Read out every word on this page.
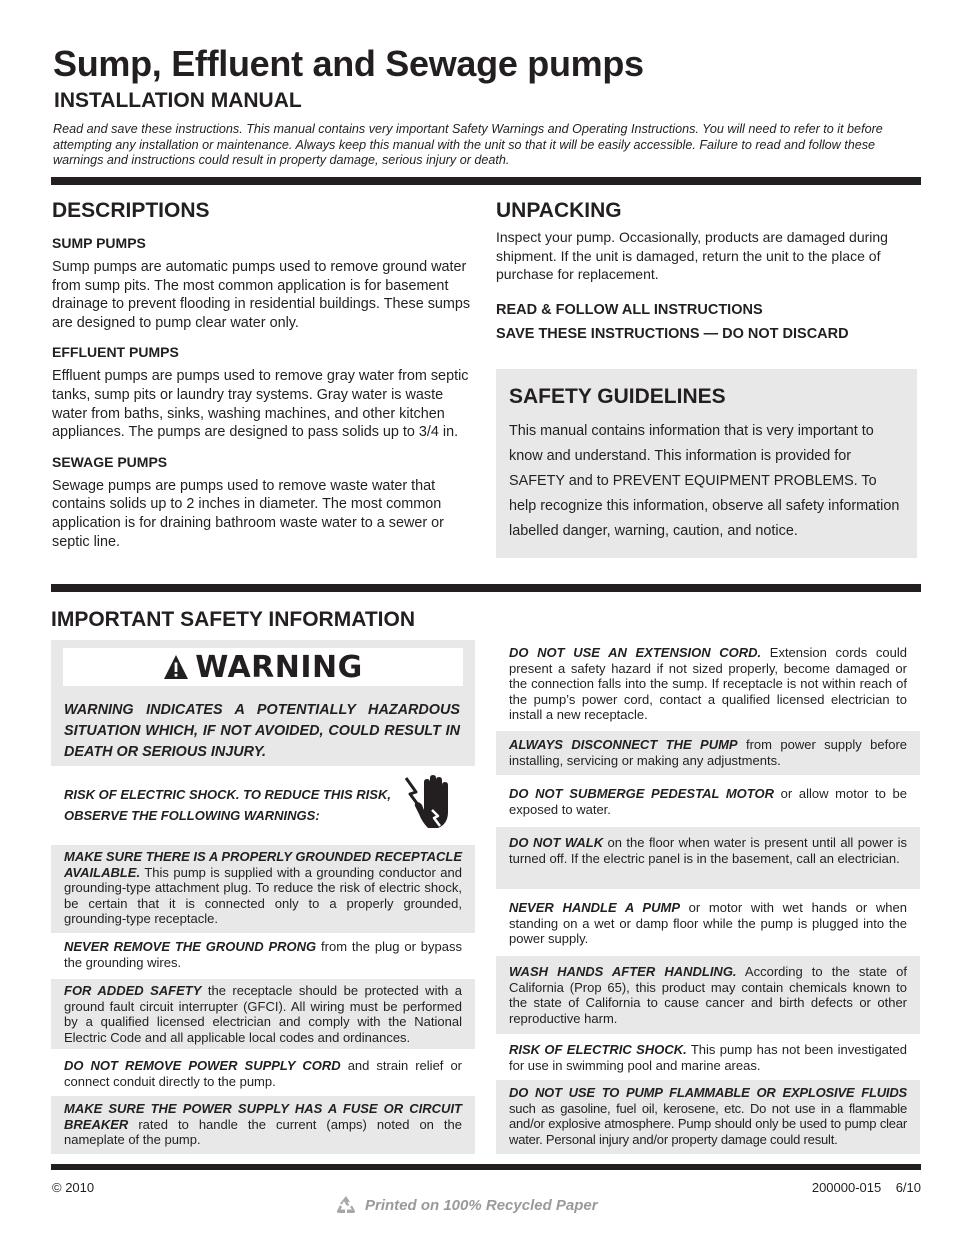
Sump, Effluent and Sewage pumps
INSTALLATION MANUAL
Read and save these instructions. This manual contains very important Safety Warnings and Operating Instructions. You will need to refer to it before attempting any installation or maintenance. Always keep this manual with the unit so that it will be easily accessible. Failure to read and follow these warnings and instructions could result in property damage, serious injury or death.
DESCRIPTIONS
SUMP PUMPS
Sump pumps are automatic pumps used to remove ground water from sump pits. The most common application is for basement drainage to prevent flooding in residential buildings. These sumps are designed to pump clear water only.
EFFLUENT PUMPS
Effluent pumps are pumps used to remove gray water from septic tanks, sump pits or laundry tray systems. Gray water is waste water from baths, sinks, washing machines, and other kitchen appliances. The pumps are designed to pass solids up to 3/4 in.
SEWAGE PUMPS
Sewage pumps are pumps used to remove waste water that contains solids up to 2 inches in diameter. The most common application is for draining bathroom waste water to a sewer or septic line.
UNPACKING
Inspect your pump. Occasionally, products are damaged during shipment. If the unit is damaged, return the unit to the place of purchase for replacement.
READ & FOLLOW ALL INSTRUCTIONS
SAVE THESE INSTRUCTIONS — DO NOT DISCARD
SAFETY GUIDELINES
This manual contains information that is very important to know and understand. This information is provided for SAFETY and to PREVENT EQUIPMENT PROBLEMS. To help recognize this information, observe all safety information labelled danger, warning, caution, and notice.
IMPORTANT SAFETY INFORMATION
WARNING
WARNING INDICATES A POTENTIALLY HAZARDOUS SITUATION WHICH, IF NOT AVOIDED, COULD RESULT IN DEATH OR SERIOUS INJURY.
RISK OF ELECTRIC SHOCK. TO REDUCE THIS RISK, OBSERVE THE FOLLOWING WARNINGS:
MAKE SURE THERE IS A PROPERLY GROUNDED RECEPTACLE AVAILABLE. This pump is supplied with a grounding conductor and grounding-type attachment plug. To reduce the risk of electric shock, be certain that it is connected only to a properly grounded, grounding-type receptacle.
NEVER REMOVE THE GROUND PRONG from the plug or bypass the grounding wires.
FOR ADDED SAFETY the receptacle should be protected with a ground fault circuit interrupter (GFCI). All wiring must be performed by a qualified licensed electrician and comply with the National Electric Code and all applicable local codes and ordinances.
DO NOT REMOVE POWER SUPPLY CORD and strain relief or connect conduit directly to the pump.
MAKE SURE THE POWER SUPPLY HAS A FUSE OR CIRCUIT BREAKER rated to handle the current (amps) noted on the nameplate of the pump.
DO NOT USE AN EXTENSION CORD. Extension cords could present a safety hazard if not sized properly, become damaged or the connection falls into the sump. If receptacle is not within reach of the pump’s power cord, contact a qualified licensed electrician to install a new receptacle.
ALWAYS DISCONNECT THE PUMP from power supply before installing, servicing or making any adjustments.
DO NOT SUBMERGE PEDESTAL MOTOR or allow motor to be exposed to water.
DO NOT WALK on the floor when water is present until all power is turned off. If the electric panel is in the basement, call an electrician.
NEVER HANDLE A PUMP or motor with wet hands or when standing on a wet or damp floor while the pump is plugged into the power supply.
WASH HANDS AFTER HANDLING. According to the state of California (Prop 65), this product may contain chemicals known to the state of California to cause cancer and birth defects or other reproductive harm.
RISK OF ELECTRIC SHOCK. This pump has not been investigated for use in swimming pool and marine areas.
DO NOT USE TO PUMP FLAMMABLE OR EXPLOSIVE FLUIDS such as gasoline, fuel oil, kerosene, etc. Do not use in a flammable and/or explosive atmosphere. Pump should only be used to pump clear water. Personal injury and/or property damage could result.
© 2010	200000-015    6/10
Printed on 100% Recycled Paper
